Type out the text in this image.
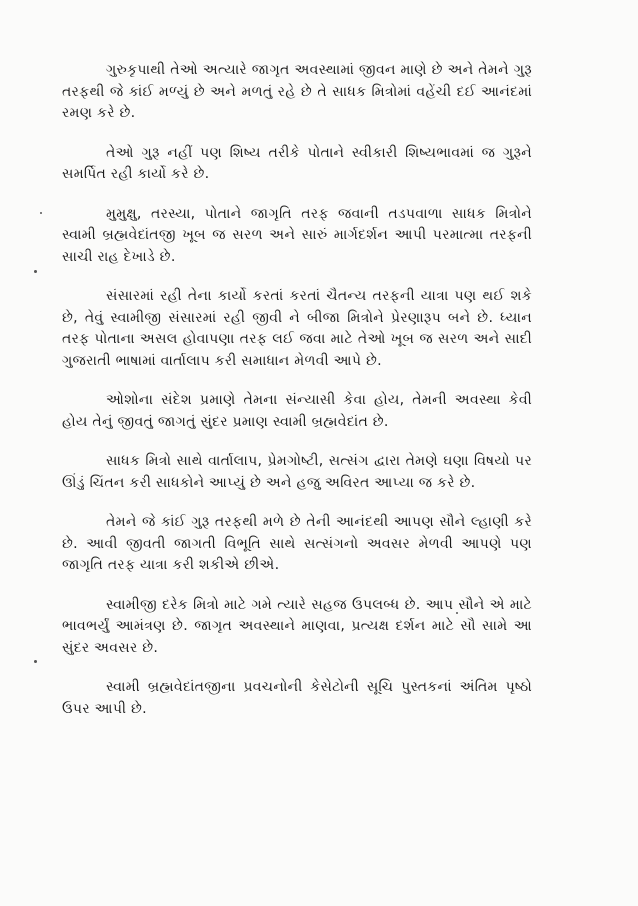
ગુરુકૃપાથી તેઓ અત્યારે જાગૃત અવસ્થામાં જીવન માણે છે અને તેમને ગુરૂ તરફથી જે કાંઈ મળ્યું છે અને મળતું રહે છે તે સાધક મિત્રોમાં વહેંચી દઈ આનંદમાં રમણ કરે છે.

તેઓ ગુરૂ નહીં પણ શિષ્ય તરીકે પોતાને સ્વીકારી શિષ્યભાવમાં જ ગુરૂને સમર્પિત રહી કાર્યો કરે છે.

મુમુક્ષુ, તરસ્યા, પોતાને જાગૃતિ તરફ જવાની તડપવાળા સાધક મિત્રોને સ્વામી બ્રહ્મવેદાંતજી ખૂબ જ સરળ અને સારું માર્ગદર્શન આપી પરમાત્મા તરફની સાચી રાહ દેખાડે છે.

સંસારમાં રહી તેના કાર્યો કરતાં કરતાં ચૈતન્ય તરફની યાત્રા પણ થઈ શકે છે, તેવું સ્વામીજી સંસારમાં રહી જીવી ને બીજા મિત્રોને પ્રેરણારૂપ બને છે. ધ્યાન તરફ પોતાના અસલ હોવાપણા તરફ લઈ જવા માટે તેઓ ખૂબ જ સરળ અને સાદી ગુજરાતી ભાષામાં વાર્તાલાપ કરી સમાધાન મેળવી આપે છે.

ઓશોના સંદેશ પ્રમાણે તેમના સંન્યાસી કેવા હોય, તેમની અવસ્થા કેવી હોય તેનું જીવતું જાગતું સુંદર પ્રમાણ સ્વામી બ્રહ્મવેદાંત છે.

સાધક મિત્રો સાથે વાર્તાલાપ, પ્રેમગોષ્ટી, સત્સંગ દ્વારા તેમણે ઘણા વિષયો પર ઊંડું ચિંતન કરી સાધકોને આપ્યું છે અને હજુ અવિરત આપ્યા જ કરે છે.

તેમને જે કાંઈ ગુરૂ તરફથી મળે છે તેની આનંદથી આપણ સૌને લ્હાણી કરે છે. આવી જીવતી જાગતી વિભૂતિ સાથે સત્સંગનો અવસર મેળવી આપણે પણ જાગૃતિ તરફ યાત્રા કરી શકીએ છીએ.

સ્વામીજી દરેક મિત્રો માટે ગમે ત્યારે સહજ ઉપલબ્ધ છે. આપ સૌને એ માટે ભાવભર્યું આમંત્રણ છે. જાગૃત અવસ્થાને માણવા, પ્રત્યક્ષ દર્શન માટે સૌ સામે આ સુંદર અવસર છે.

સ્વામી બ્રહ્મવેદાંતજીના પ્રવચનોની કેસેટોની સૂચિ પુસ્તકનાં અંતિમ પૃષ્ઠો ઉપર આપી છે.
